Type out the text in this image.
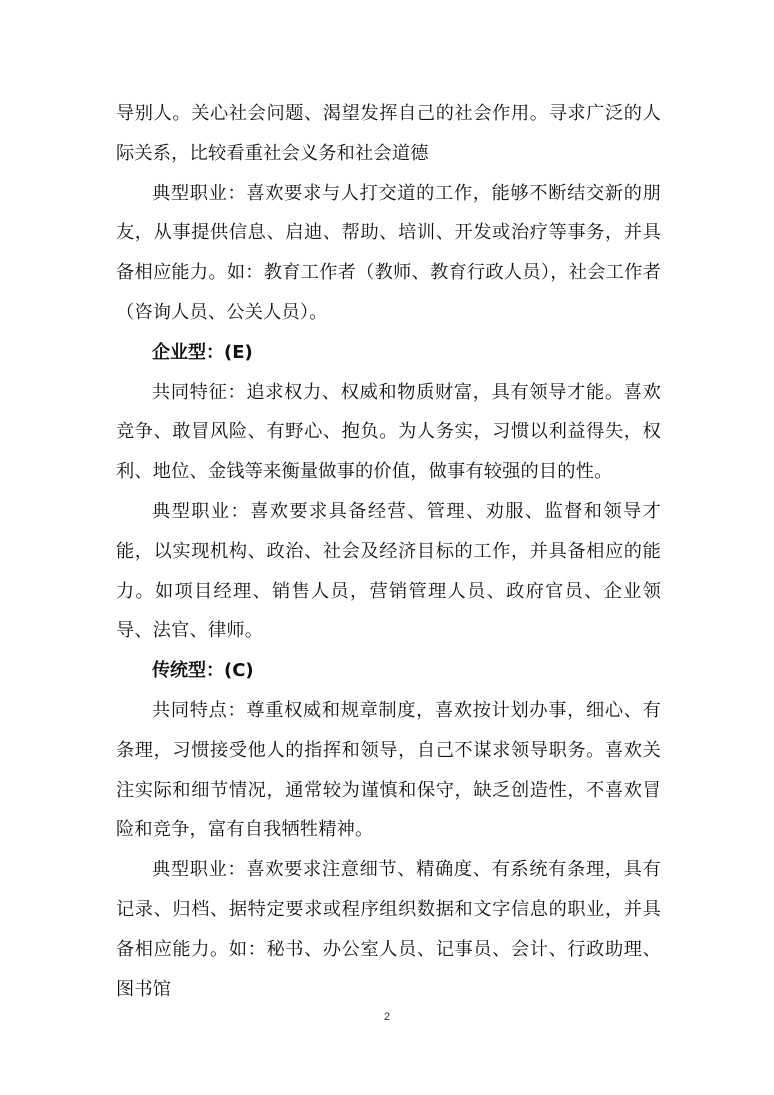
导别人。关心社会问题、渴望发挥自己的社会作用。寻求广泛的人际关系，比较看重社会义务和社会道德

典型职业：喜欢要求与人打交道的工作，能够不断结交新的朋友，从事提供信息、启迪、帮助、培训、开发或治疗等事务，并具备相应能力。如：教育工作者（教师、教育行政人员），社会工作者（咨询人员、公关人员）。

企业型：(E)

共同特征：追求权力、权威和物质财富，具有领导才能。喜欢竞争、敢冒风险、有野心、抱负。为人务实，习惯以利益得失，权利、地位、金钱等来衡量做事的价值，做事有较强的目的性。

典型职业：喜欢要求具备经营、管理、劝服、监督和领导才能，以实现机构、政治、社会及经济目标的工作，并具备相应的能力。如项目经理、销售人员，营销管理人员、政府官员、企业领导、法官、律师。

传统型：(C)

共同特点：尊重权威和规章制度，喜欢按计划办事，细心、有条理，习惯接受他人的指挥和领导，自己不谋求领导职务。喜欢关注实际和细节情况，通常较为谨慎和保守，缺乏创造性，不喜欢冒险和竞争，富有自我牺牲精神。

典型职业：喜欢要求注意细节、精确度、有系统有条理，具有记录、归档、据特定要求或程序组织数据和文字信息的职业，并具备相应能力。如：秘书、办公室人员、记事员、会计、行政助理、图书馆

2
